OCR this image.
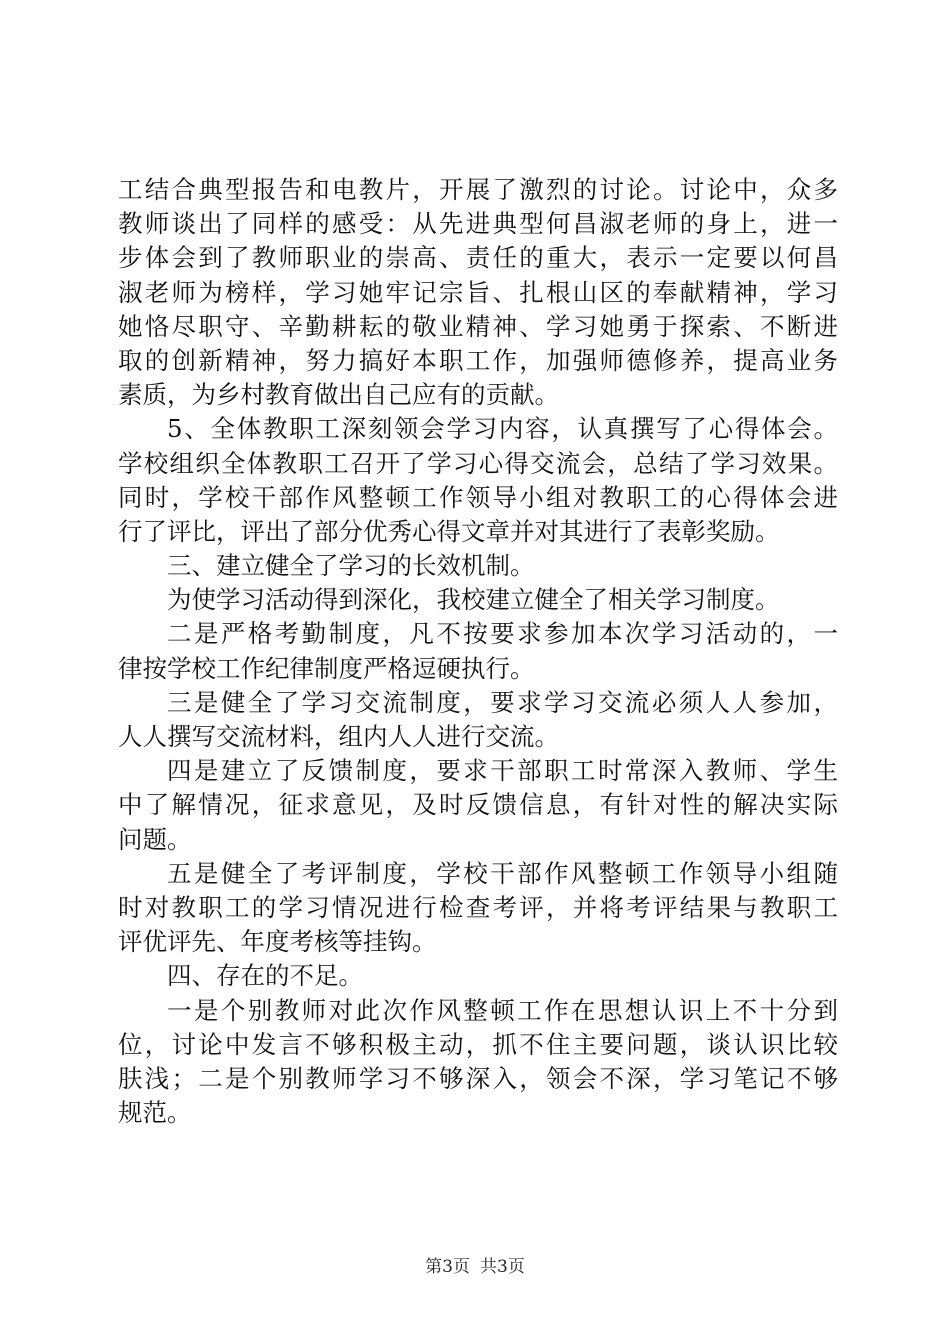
工结合典型报告和电教片，开展了激烈的讨论。讨论中，众多
教师谈出了同样的感受：从先进典型何昌淑老师的身上，进一
步体会到了教师职业的崇高、责任的重大，表示一定要以何昌
淑老师为榜样，学习她牢记宗旨、扎根山区的奉献精神，学习
她恪尽职守、辛勤耕耘的敬业精神、学习她勇于探索、不断进
取的创新精神，努力搞好本职工作，加强师德修养，提高业务
素质，为乡村教育做出自己应有的贡献。
5、全体教职工深刻领会学习内容，认真撰写了心得体会。
学校组织全体教职工召开了学习心得交流会，总结了学习效果。
同时，学校干部作风整顿工作领导小组对教职工的心得体会进
行了评比，评出了部分优秀心得文章并对其进行了表彰奖励。
三、建立健全了学习的长效机制。
为使学习活动得到深化，我校建立健全了相关学习制度。
二是严格考勤制度，凡不按要求参加本次学习活动的，一
律按学校工作纪律制度严格逗硬执行。
三是健全了学习交流制度，要求学习交流必须人人参加，
人人撰写交流材料，组内人人进行交流。
四是建立了反馈制度，要求干部职工时常深入教师、学生
中了解情况，征求意见，及时反馈信息，有针对性的解决实际
问题。
五是健全了考评制度，学校干部作风整顿工作领导小组随
时对教职工的学习情况进行检查考评，并将考评结果与教职工
评优评先、年度考核等挂钩。
四、存在的不足。
一是个别教师对此次作风整顿工作在思想认识上不十分到
位，讨论中发言不够积极主动，抓不住主要问题，谈认识比较
肤浅；二是个别教师学习不够深入，领会不深，学习笔记不够
规范。
第3页 共3页
